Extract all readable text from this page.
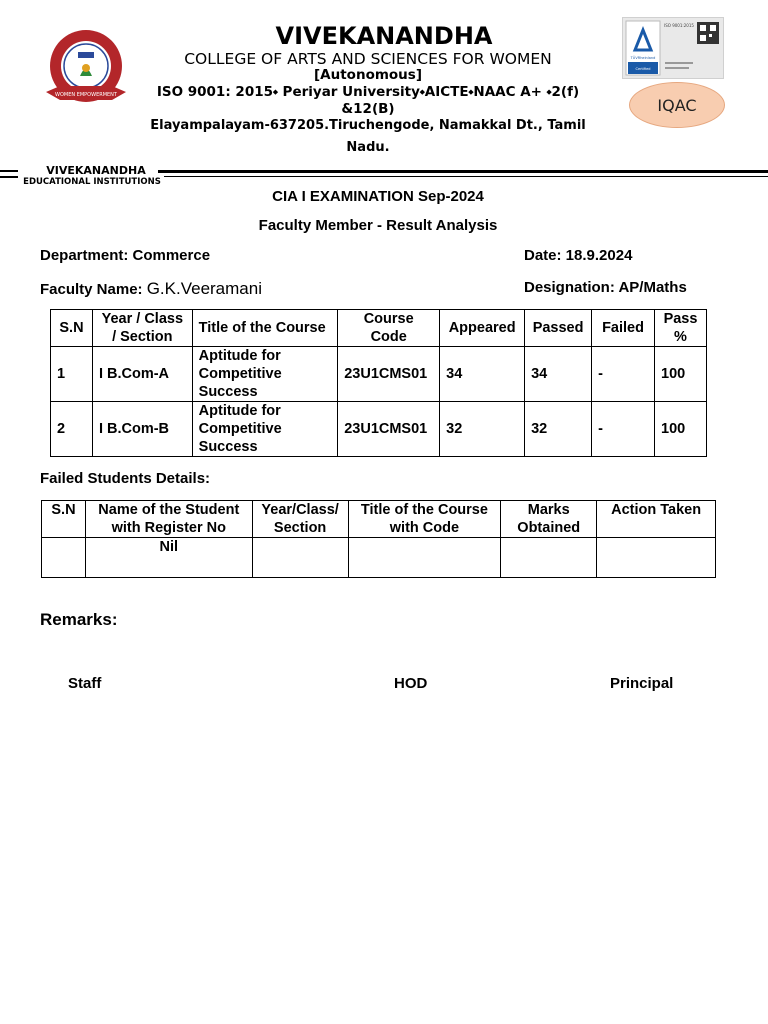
WOMEN EMPOWERMENT
VIVEKANANDHA
COLLEGE OF ARTS AND SCIENCES FOR WOMEN
[Autonomous]
ISO 9001: 2015⬩ Periyar University⬩AICTE⬩NAAC A+ ⬩2(f)
&12(B)
Elayampalayam-637205.Tiruchengode, Namakkal Dt., Tamil
Nadu.
ISO 9001:2015
TÜVRheinland
Certified
IQAC
VIVEKANANDHA
EDUCATIONAL INSTITUTIONS
CIA I EXAMINATION Sep-2024
Faculty Member - Result Analysis
Department: Commerce	Date: 18.9.2024
Faculty Name: G.K.Veeramani	Designation: AP/Maths
S.N	Year / Class / Section	Title of the Course	Course Code	Appeared	Passed	Failed	Pass %
1	I B.Com-A	Aptitude for Competitive Success	23U1CMS01	34	34	-	100
2	I B.Com-B	Aptitude for Competitive Success	23U1CMS01	32	32	-	100
Failed Students Details:
S.N	Name of the Student with Register No	Year/Class/ Section	Title of the Course with Code	Marks Obtained	Action Taken
	Nil				
Remarks:
Staff	HOD	Principal
